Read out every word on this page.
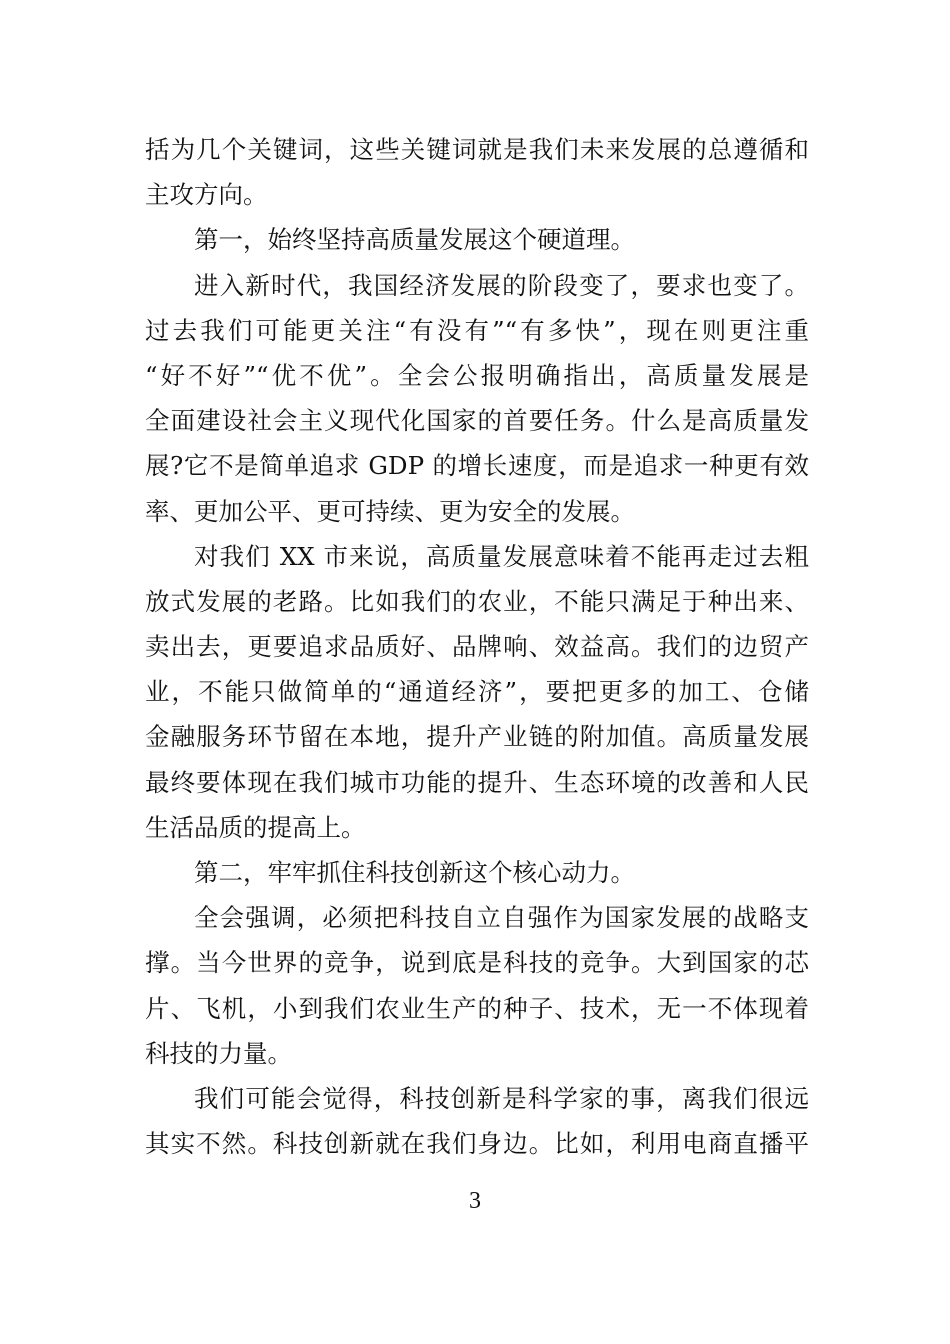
括为几个关键词，这些关键词就是我们未来发展的总遵循和
主攻方向。
第一，始终坚持高质量发展这个硬道理。
进入新时代，我国经济发展的阶段变了，要求也变了。
过去我们可能更关注“有没有”“有多快”，现在则更注重
“好不好”“优不优”。全会公报明确指出，高质量发展是
全面建设社会主义现代化国家的首要任务。什么是高质量发
展?它不是简单追求 GDP 的增长速度，而是追求一种更有效
率、更加公平、更可持续、更为安全的发展。
对我们 XX 市来说，高质量发展意味着不能再走过去粗
放式发展的老路。比如我们的农业，不能只满足于种出来、
卖出去，更要追求品质好、品牌响、效益高。我们的边贸产
业，不能只做简单的“通道经济”，要把更多的加工、仓储
金融服务环节留在本地，提升产业链的附加值。高质量发展
最终要体现在我们城市功能的提升、生态环境的改善和人民
生活品质的提高上。
第二，牢牢抓住科技创新这个核心动力。
全会强调，必须把科技自立自强作为国家发展的战略支
撑。当今世界的竞争，说到底是科技的竞争。大到国家的芯
片、飞机，小到我们农业生产的种子、技术，无一不体现着
科技的力量。
我们可能会觉得，科技创新是科学家的事，离我们很远
其实不然。科技创新就在我们身边。比如，利用电商直播平
3
